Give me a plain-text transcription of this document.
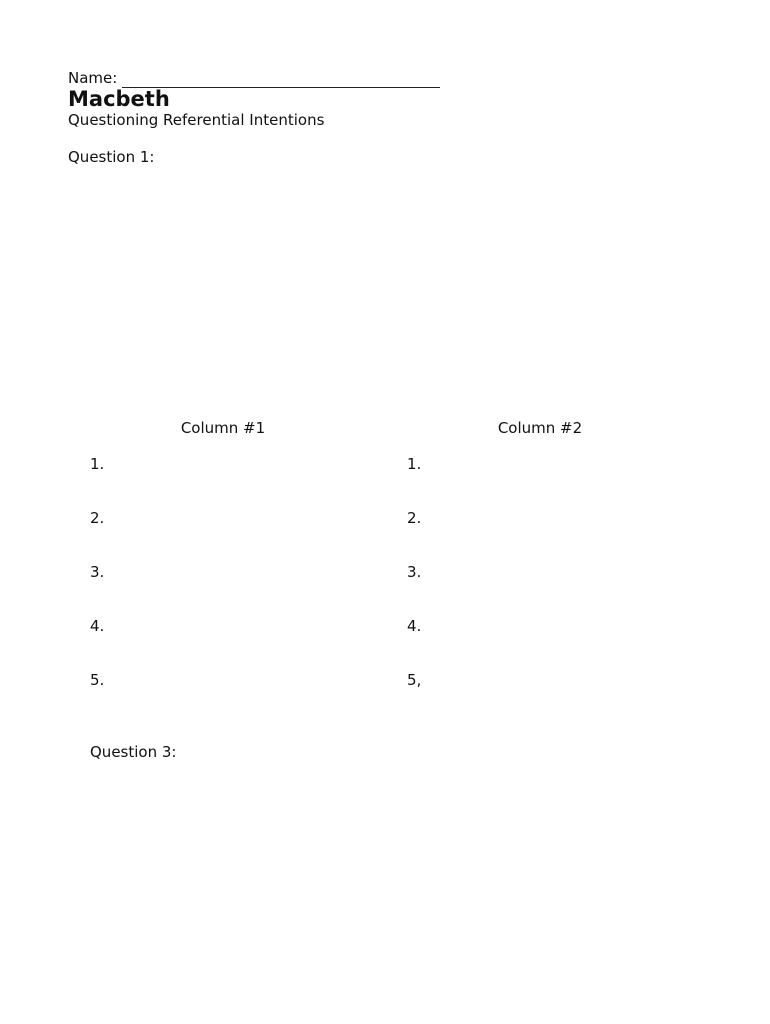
Name:
Macbeth
Questioning Referential Intentions
Question 1:
Column #1	Column #2
1.
2.
3.
4.
5.
1.
2.
3.
4.
5,
Question 3:
